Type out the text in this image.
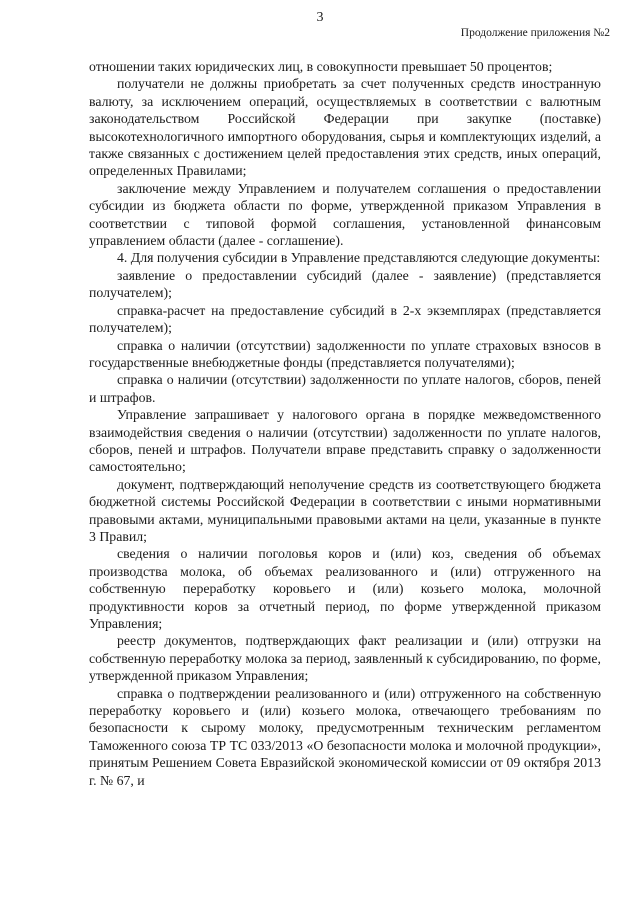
3
Продолжение приложения №2

отношении таких юридических лиц, в совокупности превышает 50 процентов;

получатели не должны приобретать за счет полученных средств иностранную валюту, за исключением операций, осуществляемых в соответствии с валютным законодательством Российской Федерации при закупке (поставке) высокотехнологичного импортного оборудования, сырья и комплектующих изделий, а также связанных с достижением целей предоставления этих средств, иных операций, определенных Правилами;

заключение между Управлением и получателем соглашения о предоставлении субсидии из бюджета области по форме, утвержденной приказом Управления в соответствии с типовой формой соглашения, установленной финансовым управлением области (далее - соглашение).

4. Для получения субсидии в Управление представляются следующие документы:

заявление о предоставлении субсидий (далее - заявление) (представляется получателем);

справка-расчет на предоставление субсидий в 2-х экземплярах (представляется получателем);

справка о наличии (отсутствии) задолженности по уплате страховых взносов в государственные внебюджетные фонды (представляется получателями);

справка о наличии (отсутствии) задолженности по уплате налогов, сборов, пеней и штрафов.

Управление запрашивает у налогового органа в порядке межведомственного взаимодействия сведения о наличии (отсутствии) задолженности по уплате налогов, сборов, пеней и штрафов. Получатели вправе представить справку о задолженности самостоятельно;

документ, подтверждающий неполучение средств из соответствующего бюджета бюджетной системы Российской Федерации в соответствии с иными нормативными правовыми актами, муниципальными правовыми актами на цели, указанные в пункте 3 Правил;

сведения о наличии поголовья коров и (или) коз, сведения об объемах производства молока, об объемах реализованного и (или) отгруженного на собственную переработку коровьего и (или) козьего молока, молочной продуктивности коров за отчетный период, по форме утвержденной приказом Управления;

реестр документов, подтверждающих факт реализации и (или) отгрузки на собственную переработку молока за период, заявленный к субсидированию, по форме, утвержденной приказом Управления;

справка о подтверждении реализованного и (или) отгруженного на собственную переработку коровьего и (или) козьего молока, отвечающего требованиям по безопасности к сырому молоку, предусмотренным техническим регламентом Таможенного союза ТР ТС 033/2013 «О безопасности молока и молочной продукции», принятым Решением Совета Евразийской экономической комиссии от 09 октября 2013 г. № 67, и
